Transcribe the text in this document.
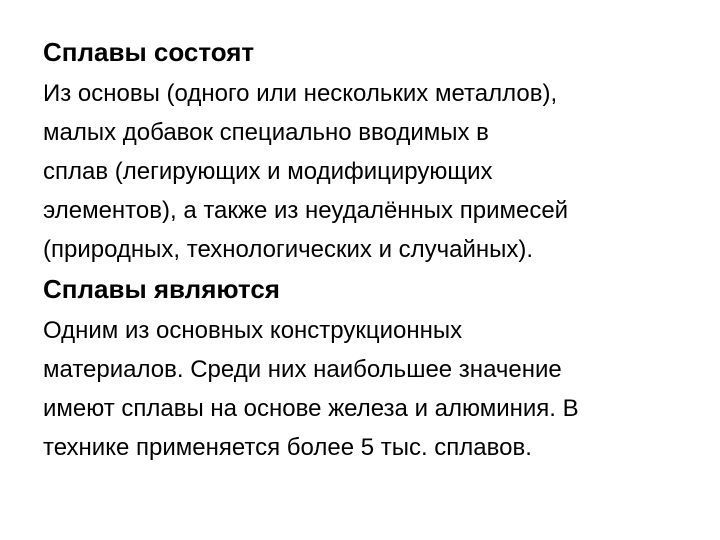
Сплавы состоят

Из основы (одного или нескольких металлов),
малых добавок специально вводимых в
сплав (легирующих и модифицирующих
элементов), а также из неудалённых примесей
(природных, технологических и случайных).

Сплавы являются

Одним из основных конструкционных
материалов. Среди них наибольшее значение
имеют сплавы на основе железа и алюминия. В
технике применяется более 5 тыс. сплавов.
